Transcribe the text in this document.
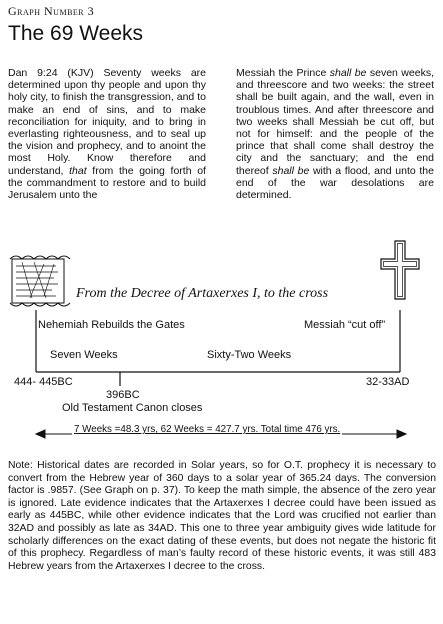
Graph Number 3
The 69 Weeks
Dan 9:24 (KJV) Seventy weeks are determined upon thy people and upon thy holy city, to finish the transgression, and to make an end of sins, and to make reconciliation for iniquity, and to bring in everlasting righteousness, and to seal up the vision and prophecy, and to anoint the most Holy. Know therefore and understand, that from the going forth of the commandment to restore and to build Jerusalem unto the
Messiah the Prince shall be seven weeks, and threescore and two weeks: the street shall be built again, and the wall, even in troublous times. And after threescore and two weeks shall Messiah be cut off, but not for himself: and the people of the prince that shall come shall destroy the city and the sanctuary; and the end thereof shall be with a flood, and unto the end of the war desolations are determined.
From the Decree of Artaxerxes I, to the cross
Nehemiah Rebuilds the Gates	Messiah “cut off”
Seven Weeks	Sixty-Two Weeks
444- 445BC	32-33AD
396BC
Old Testament Canon closes
7 Weeks =48.3 yrs, 62 Weeks = 427.7 yrs. Total time 476 yrs.
Note: Historical dates are recorded in Solar years, so for O.T. prophecy it is necessary to convert from the Hebrew year of 360 days to a solar year of 365.24 days. The conversion factor is .9857. (See Graph on p. 37). To keep the math simple, the absence of the zero year is ignored. Late evidence indicates that the Artaxerxes I decree could have been issued as early as 445BC, while other evidence indicates that the Lord was crucified not earlier than 32AD and possibly as late as 34AD. This one to three year ambiguity gives wide latitude for scholarly differences on the exact dating of these events, but does not negate the historic fit of this prophecy. Regardless of man’s faulty record of these historic events, it was still 483 Hebrew years from the Artaxerxes I decree to the cross.
